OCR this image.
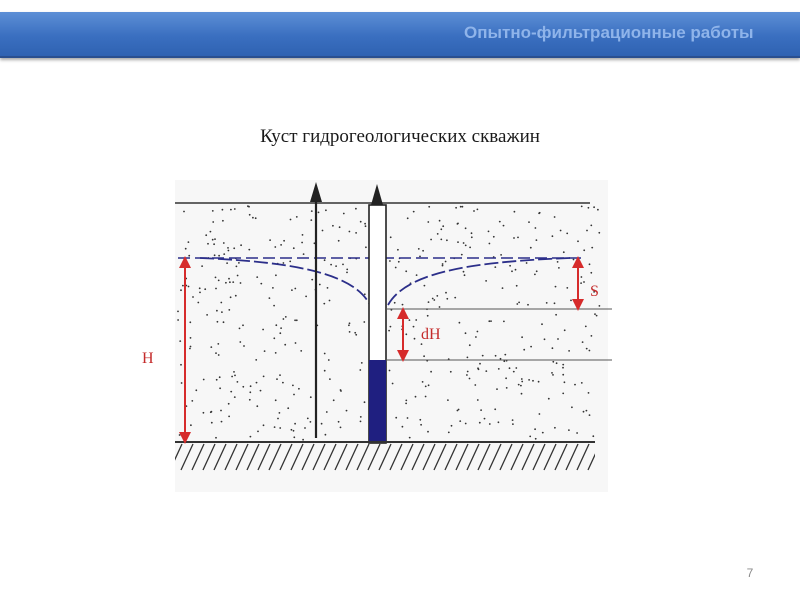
Опытно-фильтрационные работы

Куст гидрогеологических скважин

H
S
dH
7
